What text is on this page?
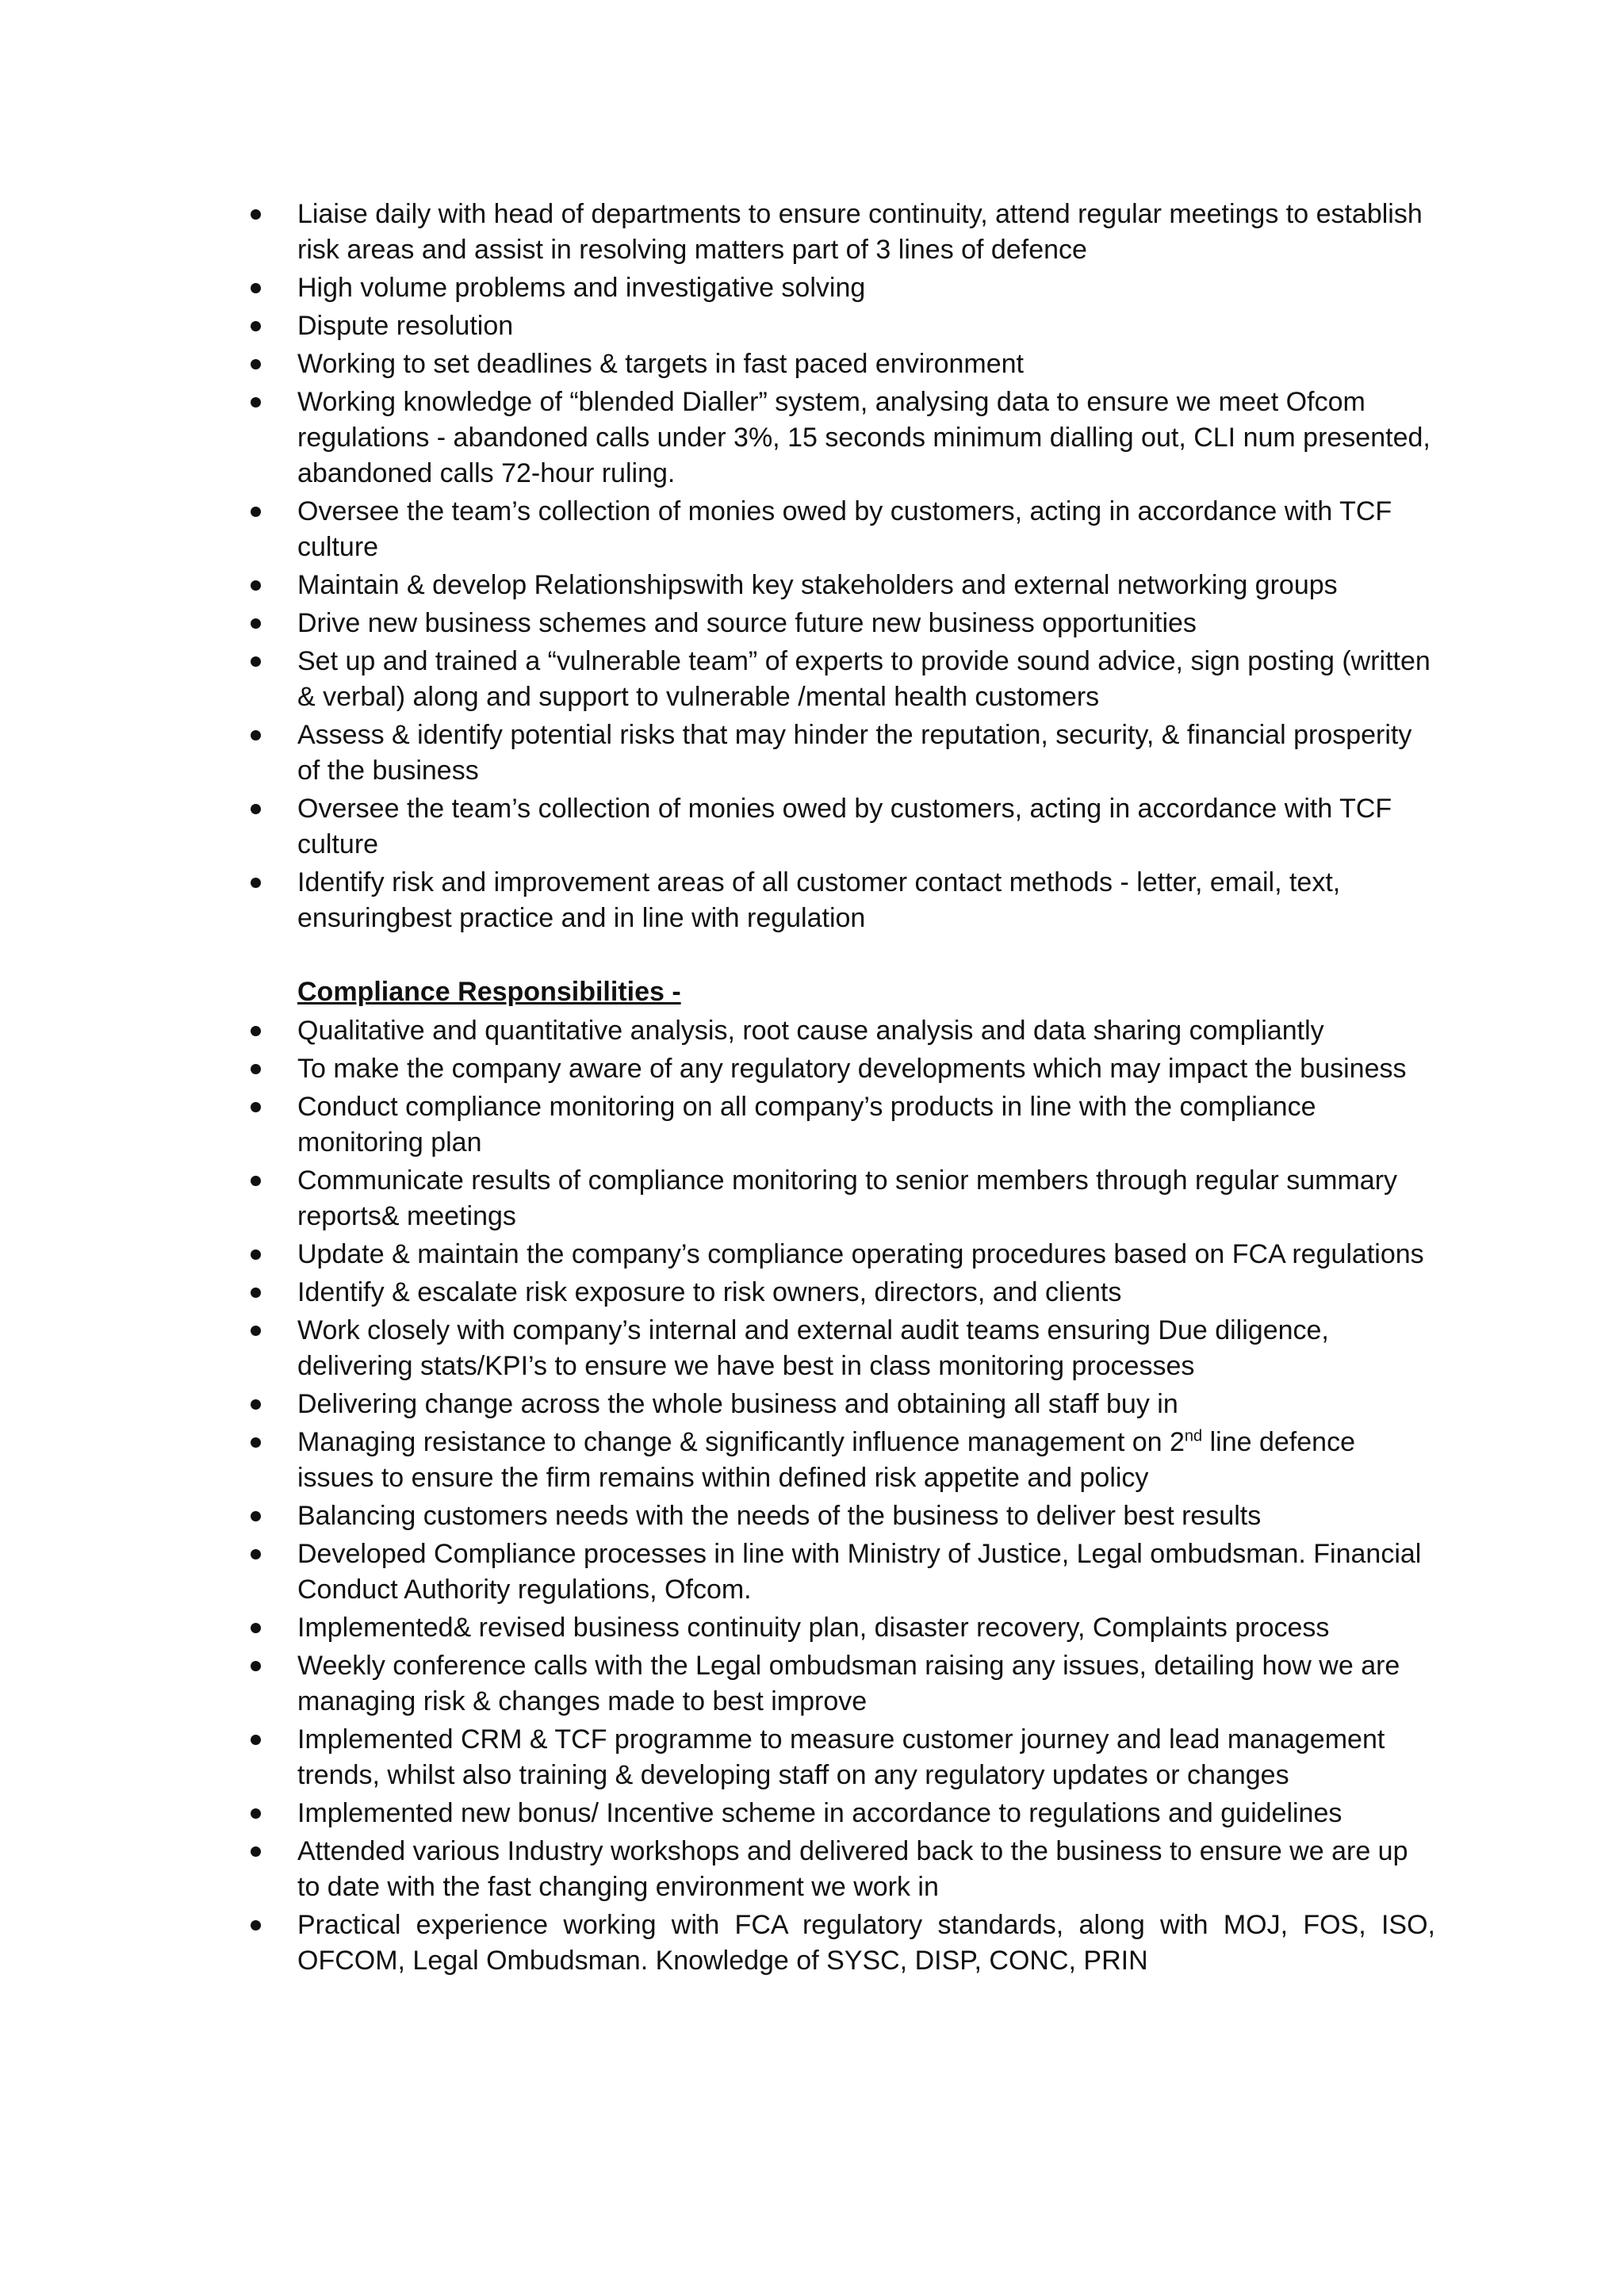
Liaise daily with head of departments to ensure continuity, attend regular meetings to establish risk areas and assist in resolving matters part of 3 lines of defence
High volume problems and investigative solving
Dispute resolution
Working to set deadlines & targets in fast paced environment
Working knowledge of “blended Dialler” system, analysing data to ensure we meet Ofcom regulations - abandoned calls under 3%, 15 seconds minimum dialling out, CLI num presented, abandoned calls 72-hour ruling.
Oversee the team’s collection of monies owed by customers, acting in accordance with TCF culture
Maintain & develop Relationshipswith key stakeholders and external networking groups
Drive new business schemes and source future new business opportunities
Set up and trained a “vulnerable team” of experts to provide sound advice, sign posting (written & verbal) along and support to vulnerable /mental health customers
Assess & identify potential risks that may hinder the reputation, security, & financial prosperity of the business
Oversee the team’s collection of monies owed by customers, acting in accordance with TCF culture
Identify risk and improvement areas of all customer contact methods - letter, email, text, ensuringbest practice and in line with regulation
Compliance Responsibilities -
Qualitative and quantitative analysis, root cause analysis and data sharing compliantly
To make the company aware of any regulatory developments which may impact the business
Conduct compliance monitoring on all company’s products in line with the compliance monitoring plan
Communicate results of compliance monitoring to senior members through regular summary reports& meetings
Update & maintain the company’s compliance operating procedures based on FCA regulations
Identify & escalate risk exposure to risk owners, directors, and clients
Work closely with company’s internal and external audit teams ensuring Due diligence, delivering stats/KPI’s to ensure we have best in class monitoring processes
Delivering change across the whole business and obtaining all staff buy in
Managing resistance to change & significantly influence management on 2nd line defence issues to ensure the firm remains within defined risk appetite and policy
Balancing customers needs with the needs of the business to deliver best results
Developed Compliance processes in line with Ministry of Justice, Legal ombudsman. Financial Conduct Authority regulations, Ofcom.
Implemented& revised business continuity plan, disaster recovery, Complaints process
Weekly conference calls with the Legal ombudsman raising any issues, detailing how we are managing risk & changes made to best improve
Implemented CRM & TCF programme to measure customer journey and lead management trends, whilst also training & developing staff on any regulatory updates or changes
Implemented new bonus/ Incentive scheme in accordance to regulations and guidelines
Attended various Industry workshops and delivered back to the business to ensure we are up to date with the fast changing environment we work in
Practical experience working with FCA regulatory standards, along with MOJ, FOS, ISO, OFCOM, Legal Ombudsman. Knowledge of SYSC, DISP, CONC, PRIN
